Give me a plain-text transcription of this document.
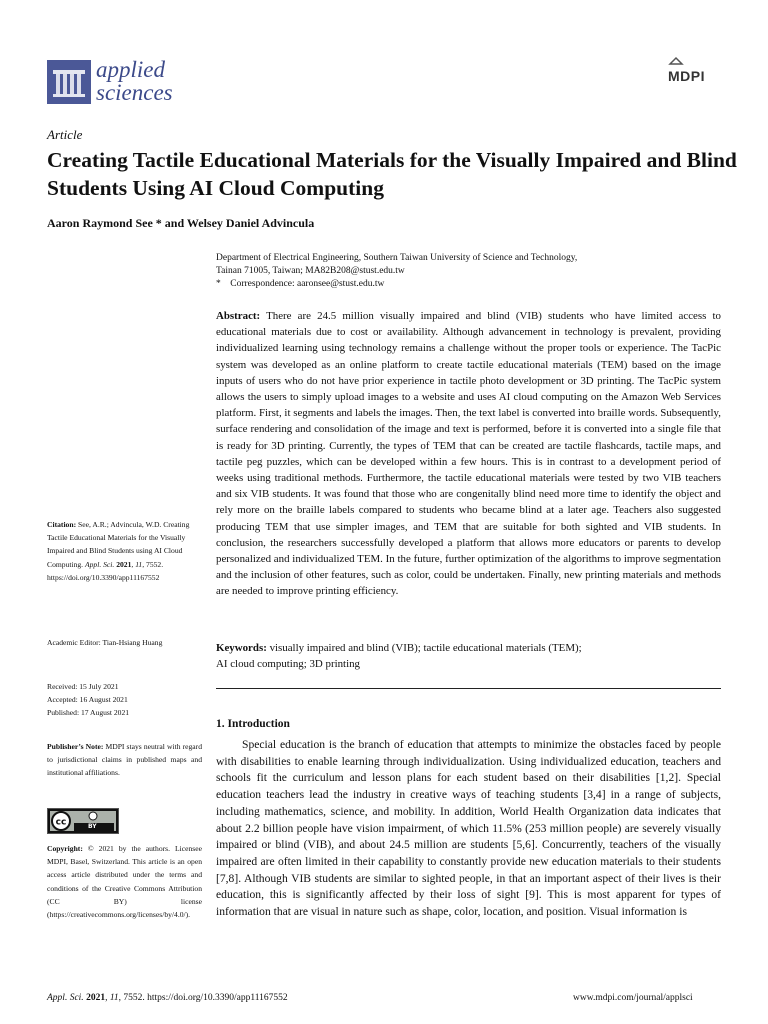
applied
sciences
MDPI
Article
Creating Tactile Educational Materials for the Visually Impaired and Blind Students Using AI Cloud Computing
Aaron Raymond See * and Welsey Daniel Advincula
Department of Electrical Engineering, Southern Taiwan University of Science and Technology,
Tainan 71005, Taiwan; MA82B208@stust.edu.tw
*    Correspondence: aaronsee@stust.edu.tw
Abstract: There are 24.5 million visually impaired and blind (VIB) students who have limited access to educational materials due to cost or availability. Although advancement in technology is prevalent, providing individualized learning using technology remains a challenge without the proper tools or experience. The TacPic system was developed as an online platform to create tactile educational materials (TEM) based on the image inputs of users who do not have prior experience in tactile photo development or 3D printing. The TacPic system allows the users to simply upload images to a website and uses AI cloud computing on the Amazon Web Services platform. First, it segments and labels the images. Then, the text label is converted into braille words. Subsequently, surface rendering and consolidation of the image and text is performed, before it is converted into a single file that is ready for 3D printing. Currently, the types of TEM that can be created are tactile flashcards, tactile maps, and tactile peg puzzles, which can be developed within a few hours. This is in contrast to a development period of weeks using traditional methods. Furthermore, the tactile educational materials were tested by two VIB teachers and six VIB students. It was found that those who are congenitally blind need more time to identify the object and rely more on the braille labels compared to students who became blind at a later age. Teachers also suggested producing TEM that use simpler images, and TEM that are suitable for both sighted and VIB students. In conclusion, the researchers successfully developed a platform that allows more educators or parents to develop personalized and individualized TEM. In the future, further optimization of the algorithms to improve segmentation and the inclusion of other features, such as color, could be undertaken. Finally, new printing materials and methods are needed to improve printing efficiency.
Keywords: visually impaired and blind (VIB); tactile educational materials (TEM);
AI cloud computing; 3D printing
1. Introduction
Special education is the branch of education that attempts to minimize the obstacles faced by people with disabilities to enable learning through individualization. Using individualized education, teachers and schools fit the curriculum and lesson plans for each student based on their disabilities [1,2]. Special education teachers lead the industry in creative ways of teaching students [3,4] in a range of subjects, including mathematics, science, and mobility. In addition, World Health Organization data indicates that about 2.2 billion people have vision impairment, of which 11.5% (253 million people) are severely visually impaired or blind (VIB), and about 24.5 million are students [5,6]. Concurrently, teachers of the visually impaired are often limited in their capability to constantly provide new education materials to their students [7,8]. Although VIB students are similar to sighted people, in that an important aspect of their lives is their education, this is significantly affected by their loss of sight [9]. This is most apparent for types of information that are visual in nature such as shape, color, location, and position. Visual information is
Citation: See, A.R.; Advincula, W.D. Creating Tactile Educational Materials for the Visually Impaired and Blind Students using AI Cloud Computing. Appl. Sci. 2021, 11, 7552. https://doi.org/10.3390/app11167552
Academic Editor: Tian-Hsiang Huang
Received: 15 July 2021
Accepted: 16 August 2021
Published: 17 August 2021
Publisher’s Note: MDPI stays neutral with regard to jurisdictional claims in published maps and institutional affiliations.
cc	BY
Copyright: © 2021 by the authors. Licensee MDPI, Basel, Switzerland. This article is an open access article distributed under the terms and conditions of the Creative Commons Attribution (CC BY) license (https://creativecommons.org/licenses/by/4.0/).
Appl. Sci. 2021, 11, 7552. https://doi.org/10.3390/app11167552	www.mdpi.com/journal/applsci
